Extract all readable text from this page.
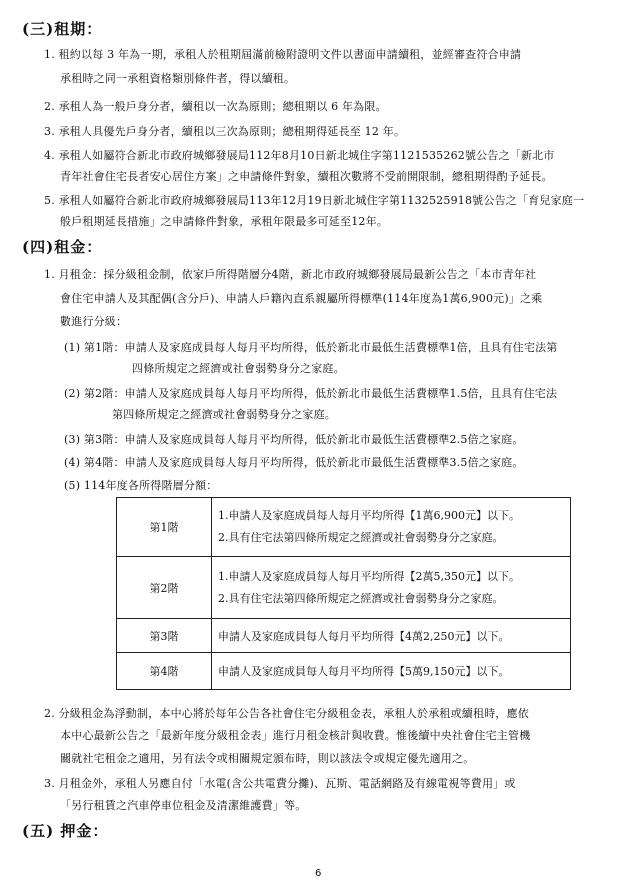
(三)租期：
1. 租約以每 3 年為一期，承租人於租期屆滿前檢附證明文件以書面申請續租，並經審查符合申請
承租時之同一承租資格類別條件者，得以續租。
2. 承租人為一般戶身分者，續租以一次為原則；總租期以 6 年為限。
3. 承租人具優先戶身分者，續租以三次為原則；總租期得延長至 12 年。
4. 承租人如屬符合新北市政府城鄉發展局112年8月10日新北城住字第1121535262號公告之「新北市
青年社會住宅長者安心居住方案」之申請條件對象，續租次數將不受前開限制，總租期得酌予延長。
5. 承租人如屬符合新北市政府城鄉發展局113年12月19日新北城住字第1132525918號公告之「育兒家庭一
般戶租期延長措施」之申請條件對象，承租年限最多可延至12年。
(四)租金：
1. 月租金：採分級租金制，依家戶所得階層分4階，新北市政府城鄉發展局最新公告之「本市青年社
會住宅申請人及其配偶(含分戶)、申請人戶籍內直系親屬所得標準(114年度為1萬6,900元)」之乘
數進行分級：
(1) 第1階：申請人及家庭成員每人每月平均所得，低於新北市最低生活費標準1倍，且具有住宅法第
四條所規定之經濟或社會弱勢身分之家庭。
(2) 第2階：申請人及家庭成員每人每月平均所得，低於新北市最低生活費標準1.5倍，且具有住宅法
第四條所規定之經濟或社會弱勢身分之家庭。
(3) 第3階：申請人及家庭成員每人每月平均所得，低於新北市最低生活費標準2.5倍之家庭。
(4) 第4階：申請人及家庭成員每人每月平均所得，低於新北市最低生活費標準3.5倍之家庭。
(5) 114年度各所得階層分額：
第1階	1.申請人及家庭成員每人每月平均所得【1萬6,900元】以下。
2.具有住宅法第四條所規定之經濟或社會弱勢身分之家庭。

第2階	1.申請人及家庭成員每人每月平均所得【2萬5,350元】以下。
2.具有住宅法第四條所規定之經濟或社會弱勢身分之家庭。

第3階	申請人及家庭成員每人每月平均所得【4萬2,250元】以下。

第4階	申請人及家庭成員每人每月平均所得【5萬9,150元】以下。
2. 分級租金為浮動制，本中心將於每年公告各社會住宅分級租金表，承租人於承租或續租時，應依
本中心最新公告之「最新年度分級租金表」進行月租金核計與收費。惟後續中央社會住宅主管機
關就社宅租金之適用，另有法令或相關規定頒布時，則以該法令或規定優先適用之。
3. 月租金外，承租人另應自付「水電(含公共電費分攤)、瓦斯、電話網路及有線電視等費用」或
「另行租賃之汽車停車位租金及清潔維護費」等。
(五) 押金：
6
